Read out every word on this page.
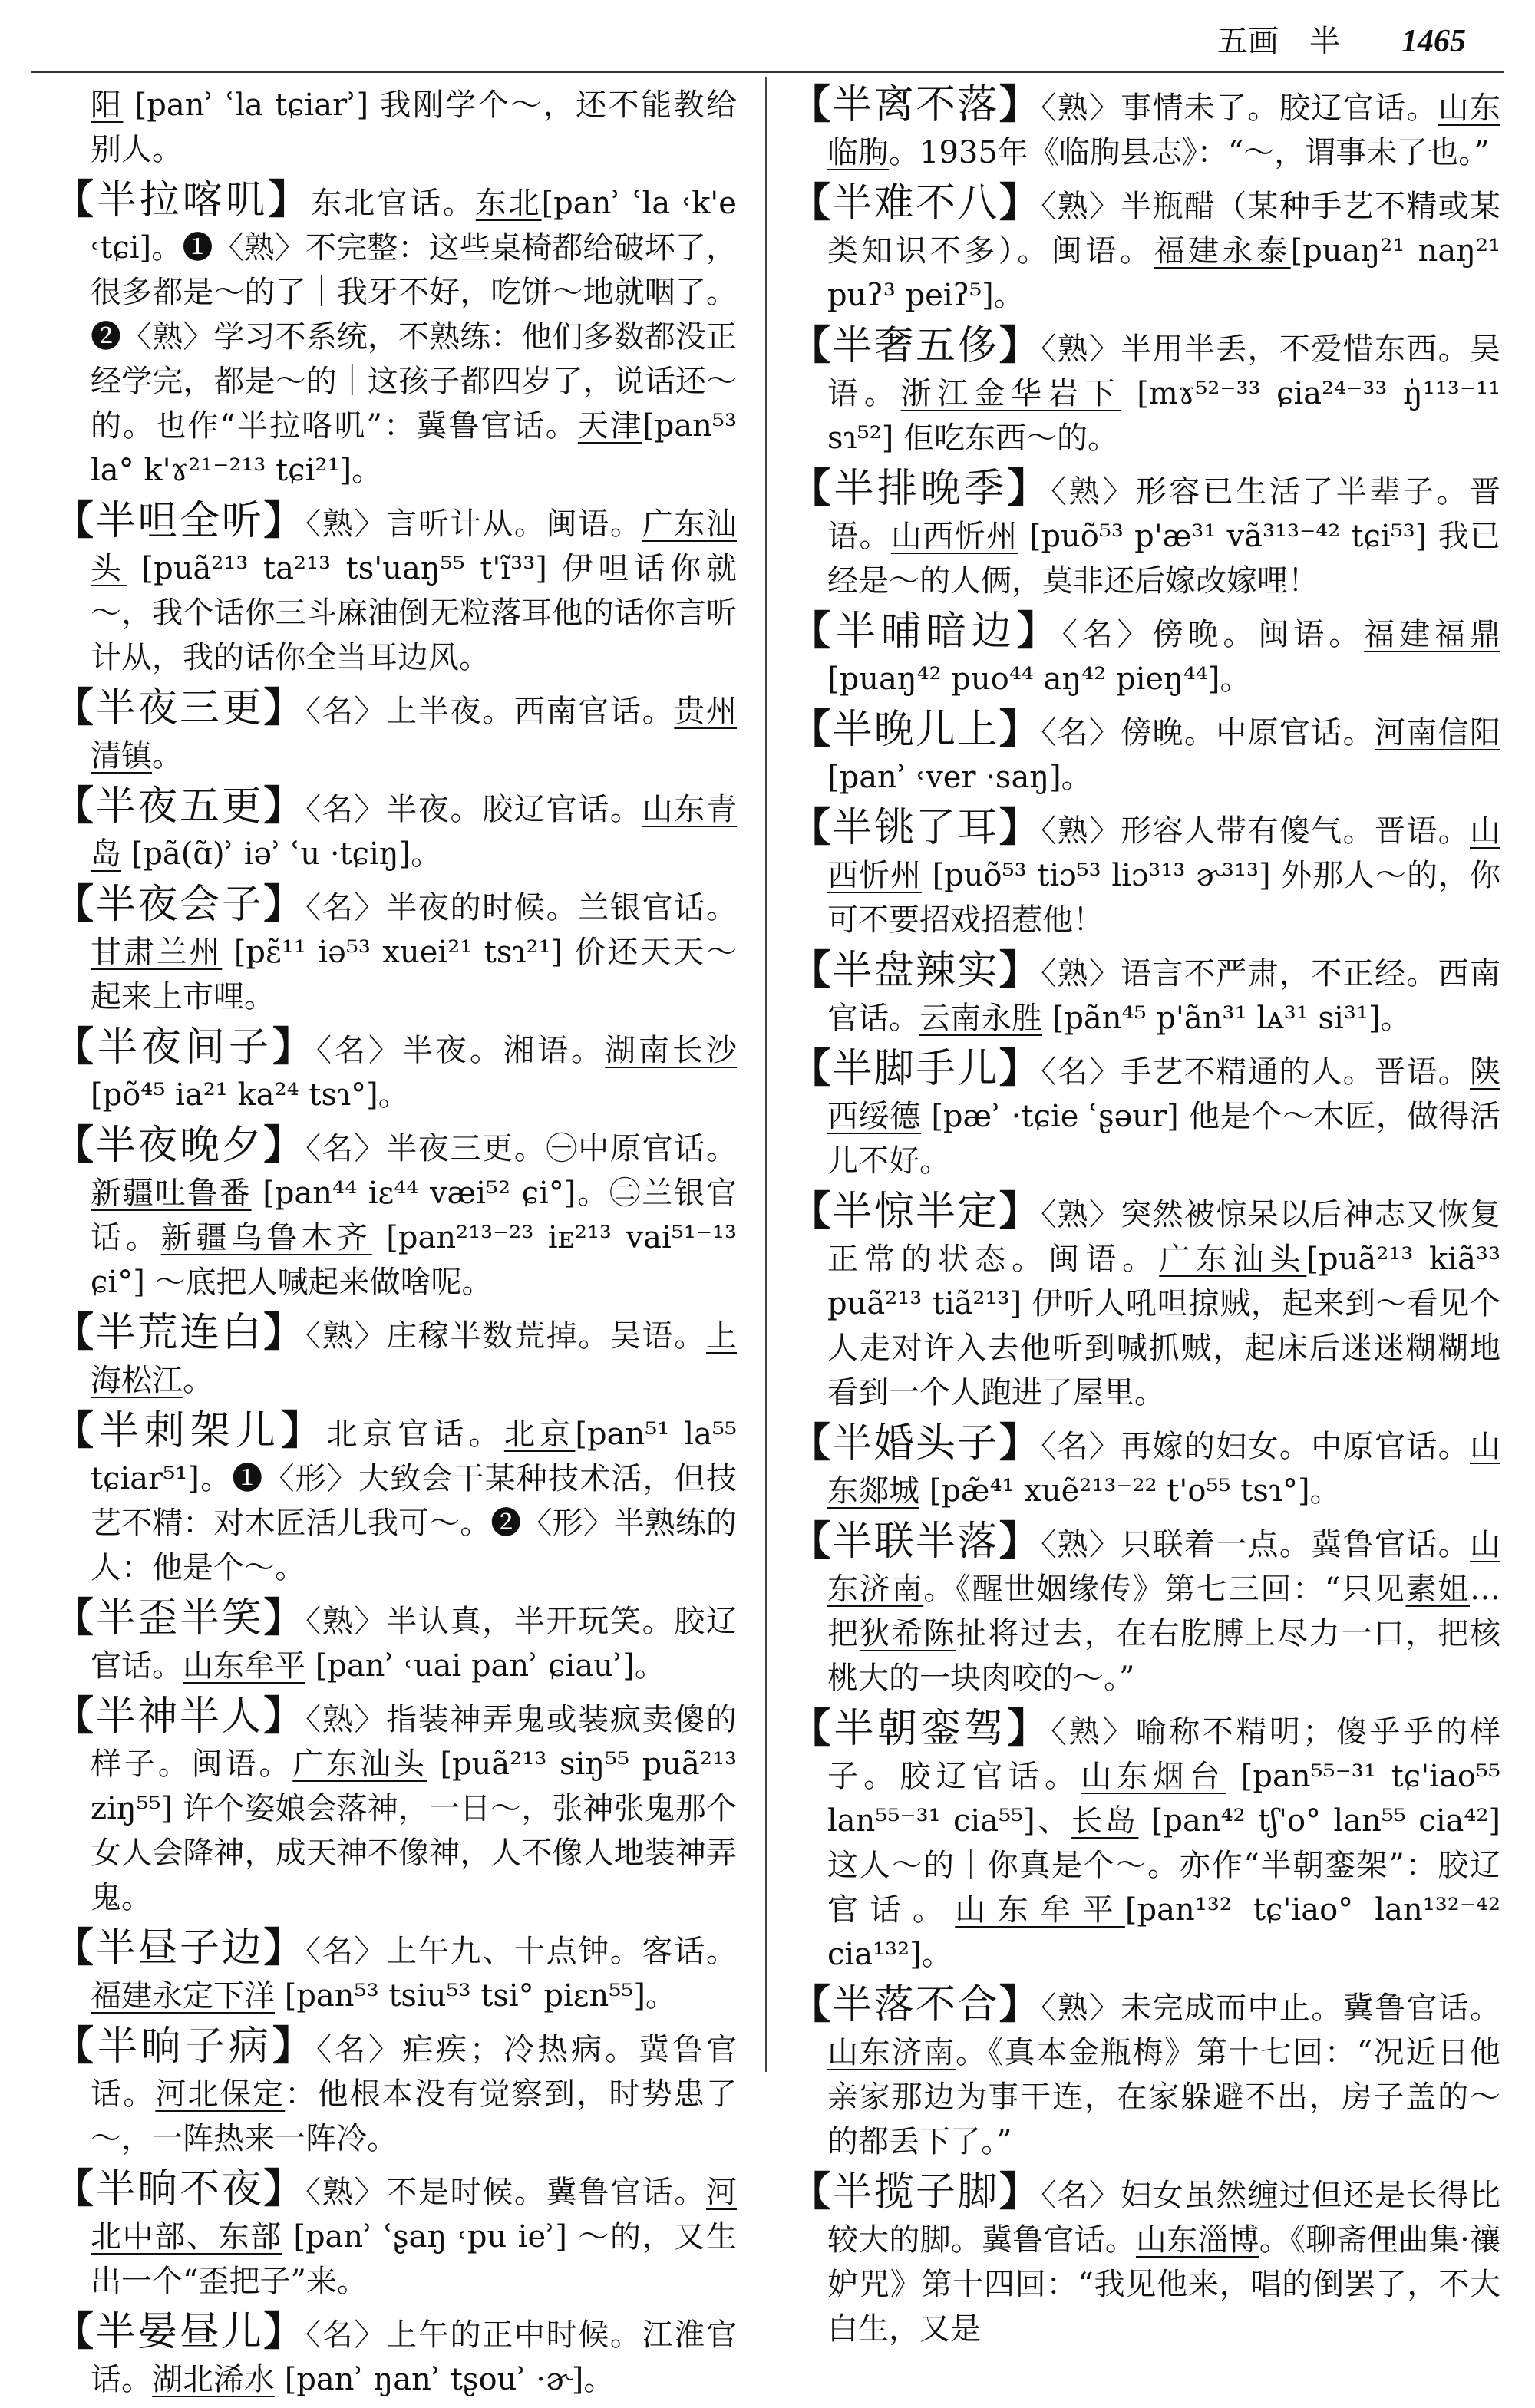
五画 半 1465
阳 [panʾ ʿla tɕiarʾ] 我刚学个～，还不能教给别人。
【半拉喀叽】东北官话。东北[panʾ ʿla ˓k'e ˓tɕi]。❶〈熟〉不完整：这些桌椅都给破坏了，很多都是～的了｜我牙不好，吃饼～地就咽了。❷〈熟〉学习不系统，不熟练：他们多数都没正经学完，都是～的｜这孩子都四岁了，说话还～的。也作“半拉咯叽”：冀鲁官话。天津[pan⁵³ la° k'ɤ²¹⁻²¹³ tɕi²¹]。
【半呾全听】〈熟〉言听计从。闽语。广东汕头 [puã²¹³ ta²¹³ ts'uaŋ⁵⁵ t'ĩ³³] 伊呾话你就～，我个话你三斗麻油倒无粒落耳他的话你言听计从，我的话你全当耳边风。
【半夜三更】〈名〉上半夜。西南官话。贵州清镇。
【半夜五更】〈名〉半夜。胶辽官话。山东青岛 [pã(ɑ̃)ʾ iəʾ ʿu ·tɕiŋ]。
【半夜会子】〈名〉半夜的时候。兰银官话。甘肃兰州 [pɛ̃¹¹ iə⁵³ xuei²¹ tsɿ²¹] 价还天天～起来上市哩。
【半夜间子】〈名〉半夜。湘语。湖南长沙 [põ⁴⁵ ia²¹ ka²⁴ tsɿ°]。
【半夜晚夕】〈名〉半夜三更。㊀中原官话。新疆吐鲁番 [pan⁴⁴ iɛ⁴⁴ væi⁵² ɕi°]。㊁兰银官话。新疆乌鲁木齐 [pan²¹³⁻²³ iᴇ²¹³ vai⁵¹⁻¹³ ɕi°] ～底把人喊起来做啥呢。
【半荒连白】〈熟〉庄稼半数荒掉。吴语。上海松江。
【半剌架儿】北京官话。北京[pan⁵¹ la⁵⁵ tɕiar⁵¹]。❶〈形〉大致会干某种技术活，但技艺不精：对木匠活儿我可～。❷〈形〉半熟练的人：他是个～。
【半歪半笑】〈熟〉半认真，半开玩笑。胶辽官话。山东牟平 [panʾ ˓uai panʾ ɕiauʾ]。
【半神半人】〈熟〉指装神弄鬼或装疯卖傻的样子。闽语。广东汕头 [puã²¹³ siŋ⁵⁵ puã²¹³ ziŋ⁵⁵] 许个姿娘会落神，一日～，张神张鬼那个女人会降神，成天神不像神，人不像人地装神弄鬼。
【半昼子边】〈名〉上午九、十点钟。客话。福建永定下洋 [pan⁵³ tsiu⁵³ tsi° piɛn⁵⁵]。
【半晌子病】〈名〉疟疾；冷热病。冀鲁官话。河北保定：他根本没有觉察到，时势患了～，一阵热来一阵冷。
【半晌不夜】〈熟〉不是时候。冀鲁官话。河北中部、东部 [panʾ ʿʂaŋ ˓pu ieʾ] ～的，又生出一个“歪把子”来。
【半晏昼儿】〈名〉上午的正中时候。江淮官话。湖北浠水 [panʾ ŋanʾ tʂouʾ ·ɚ]。
【半离不落】〈熟〉事情未了。胶辽官话。山东临朐。1935年《临朐县志》：“～，谓事未了也。”
【半难不八】〈熟〉半瓶醋（某种手艺不精或某类知识不多）。闽语。福建永泰[puaŋ²¹ naŋ²¹ puʔ³ peiʔ⁵]。
【半奢五侈】〈熟〉半用半丢，不爱惜东西。吴语。浙江金华岩下 [mɤ⁵²⁻³³ ɕia²⁴⁻³³ ŋ̍¹¹³⁻¹¹ sɿ⁵²] 佢吃东西～的。
【半排晚季】〈熟〉形容已生活了半辈子。晋语。山西忻州 [puõ⁵³ p'æ³¹ vã³¹³⁻⁴² tɕi⁵³] 我已经是～的人俩，莫非还后嫁改嫁哩！
【半晡暗边】〈名〉傍晚。闽语。福建福鼎 [puaŋ⁴² puo⁴⁴ aŋ⁴² pieŋ⁴⁴]。
【半晚儿上】〈名〉傍晚。中原官话。河南信阳 [panʾ ˓ver ·saŋ]。
【半铫了耳】〈熟〉形容人带有傻气。晋语。山西忻州 [puõ⁵³ tiɔ⁵³ liɔ³¹³ ɚ³¹³] 外那人～的，你可不要招戏招惹他！
【半盘辣实】〈熟〉语言不严肃，不正经。西南官话。云南永胜 [pãn⁴⁵ p'ãn³¹ lᴀ³¹ si³¹]。
【半脚手儿】〈名〉手艺不精通的人。晋语。陕西绥德 [pæʾ ·tɕie ʿʂəur] 他是个～木匠，做得活儿不好。
【半惊半定】〈熟〉突然被惊呆以后神志又恢复正常的状态。闽语。广东汕头[puã²¹³ kiã³³ puã²¹³ tiã²¹³] 伊听人吼呾掠贼，起来到～看见个人走对许入去他听到喊抓贼，起床后迷迷糊糊地看到一个人跑进了屋里。
【半婚头子】〈名〉再嫁的妇女。中原官话。山东郯城 [pæ̃⁴¹ xuẽ²¹³⁻²² t'o⁵⁵ tsɿ°]。
【半联半落】〈熟〉只联着一点。冀鲁官话。山东济南。《醒世姻缘传》第七三回：“只见素姐…把狄希陈扯将过去，在右肐膊上尽力一口，把核桃大的一块肉咬的～。”
【半朝銮驾】〈熟〉喻称不精明；傻乎乎的样子。胶辽官话。山东烟台 [pan⁵⁵⁻³¹ tɕ'iao⁵⁵ lan⁵⁵⁻³¹ cia⁵⁵]、长岛 [pan⁴² tʃ'o° lan⁵⁵ cia⁴²] 这人～的｜你真是个～。亦作“半朝銮架”：胶辽官话。山东牟平[pan¹³² tɕ'iao° lan¹³²⁻⁴² cia¹³²]。
【半落不合】〈熟〉未完成而中止。冀鲁官话。山东济南。《真本金瓶梅》第十七回：“况近日他亲家那边为事干连，在家躲避不出，房子盖的～的都丢下了。”
【半揽子脚】〈名〉妇女虽然缠过但还是长得比较大的脚。冀鲁官话。山东淄博。《聊斋俚曲集·禳妒咒》第十四回：“我见他来，唱的倒罢了，不大白生，又是
